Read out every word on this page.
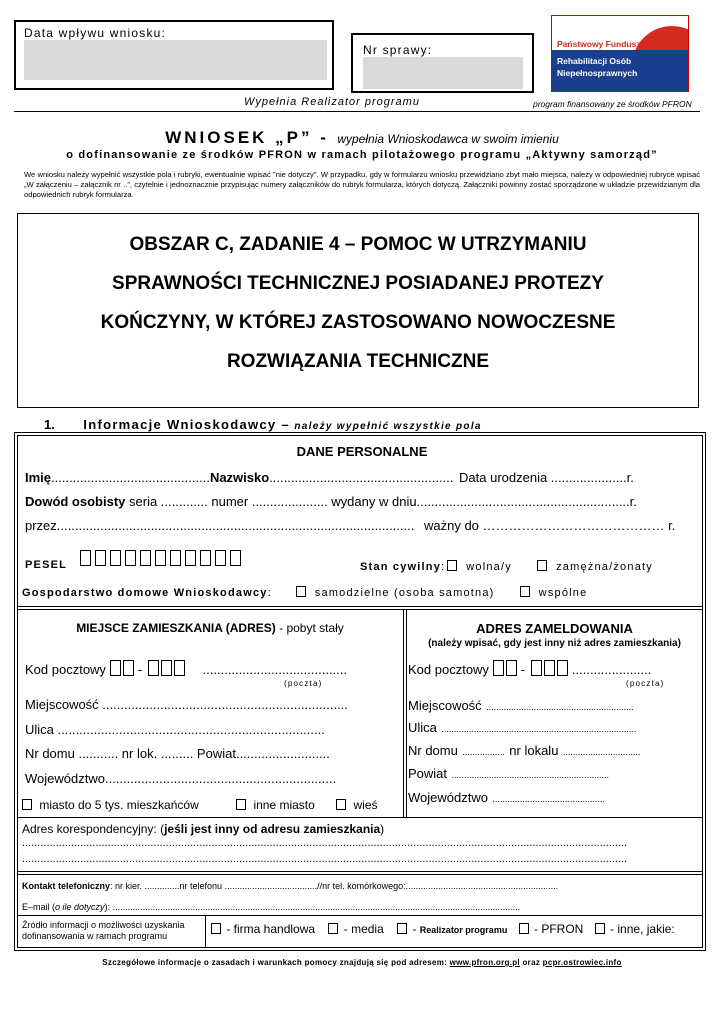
Data wpływu wniosku:
Nr sprawy:	Państwowy Fundusz
Rehabilitacji Osób
Niepełnosprawnych
Wypełnia Realizator programu	program finansowany ze środków PFRON
WNIOSEK „P” - wypełnia Wnioskodawca w swoim imieniu
o dofinansowanie ze środków PFRON w ramach pilotażowego programu „Aktywny samorząd”
We wniosku należy wypełnić wszystkie pola i rubryki, ewentualnie wpisać "nie dotyczy". W przypadku, gdy w formularzu wniosku przewidziano zbyt mało miejsca, należy w odpowiedniej rubryce wpisać „W załączeniu – załącznik nr ..”, czytelnie i jednoznacznie przypisując numery załączników do rubryk formularza, których dotyczą. Załączniki powinny zostać sporządzone w układzie przewidzianym dla odpowiednich rubryk formularza.
OBSZAR C, ZADANIE 4 – POMOC W UTRZYMANIU
SPRAWNOŚCI TECHNICZNEJ POSIADANEJ PROTEZY
KOŃCZYNY, W KTÓREJ ZASTOSOWANO NOWOCZESNE
ROZWIĄZANIA TECHNICZNE
1. Informacje Wnioskodawcy – należy wypełnić wszystkie pola
DANE PERSONALNE
Imię............................................Nazwisko................................................... Data urodzenia .....................r.
Dowód osobisty seria ............. numer ..................... wydany w dniu...........................................................r.
przez................................................................................................... ważny do …………………………………… r.
$_{PESEL}$	Stan cywilny:  wolna/y	zamężna/żonaty
Gospodarstwo domowe Wnioskodawcy:	samodzielne (osoba samotna)	wspólne
MIEJSCE ZAMIESZKANIA (ADRES) - pobyt stały
Kod pocztowy -	........................................
(poczta)
Miejscowość ....................................................................
Ulica ..........................................................................
Nr domu ........... nr lok. ......... Powiat..........................
Województwo................................................................
miasto do 5 tys. mieszkańców	inne miasto	wieś
ADRES ZAMELDOWANIA
(należy wpisać, gdy jest inny niż adres zamieszkania)
Kod pocztowy -	......................
(poczta)
Miejscowość ...........................................................
Ulica ..............................................................................
Nr domu ................. nr lokalu ...............................
Powiat ...............................................................
Województwo .............................................
Adres korespondencyjny: (jeśli jest inny od adresu zamieszkania)
......................................................................................................................................................................................................
......................................................................................................................................................................................................
Kontakt telefoniczny: nr kier. ..............nr telefonu .....................................//nr tel. komórkowego:.............................................................
E–mail (o ile dotyczy): ...................................................................................................................................................................
Źródło informacji o możliwości uzyskania dofinansowania w ramach programu	- firma handlowa - media - Realizator programu - PFRON - inne, jakie:
Szczegółowe informacje o zasadach i warunkach pomocy znajdują się pod adresem: www.pfron.org.pl oraz pcpr.ostrowiec.info
